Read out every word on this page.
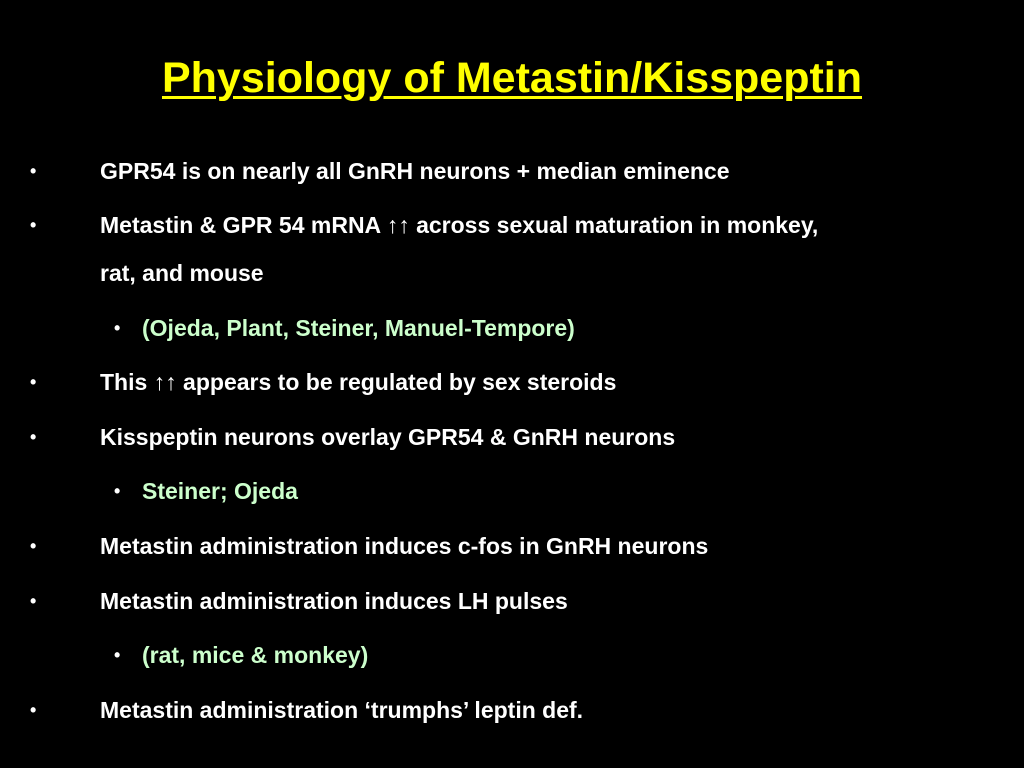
Physiology of Metastin/Kisspeptin
•	GPR54 is on nearly all GnRH neurons + median eminence
•	Metastin & GPR 54 mRNA ↑↑ across sexual maturation in monkey,
rat, and mouse
• (Ojeda, Plant, Steiner, Manuel-Tempore)
•	This ↑↑ appears to be regulated by sex steroids
•	Kisspeptin neurons overlay GPR54 & GnRH neurons
• Steiner; Ojeda
•	Metastin administration induces c-fos in GnRH neurons
•	Metastin administration induces LH pulses
• (rat, mice & monkey)
•	Metastin administration ‘trumphs’ leptin def.
